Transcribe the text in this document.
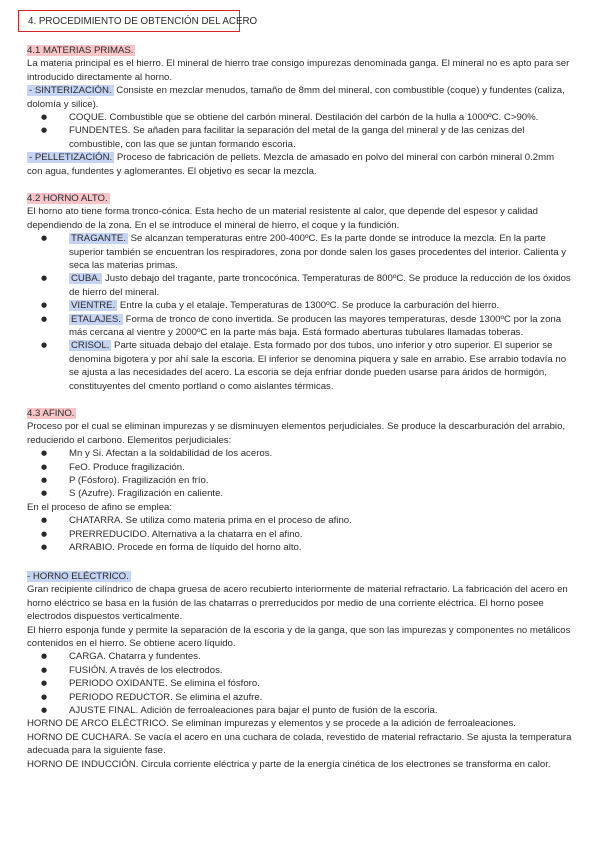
4. PROCEDIMIENTO DE OBTENCIÓN DEL ACERO

4.1 MATERIAS PRIMAS.

La materia principal es el hierro. El mineral de hierro trae consigo impurezas denominada ganga. El mineral no es apto para ser introducido directamente al horno.

- SINTERIZACIÓN. Consiste en mezclar menudos, tamaño de 8mm del mineral, con combustible (coque) y fundentes (caliza, dolomía y silice).

● COQUE. Combustible que se obtiene del carbón mineral. Destilación del carbón de la hulla a 1000ºC. C>90%.
● FUNDENTES. Se añaden para facilitar la separación del metal de la ganga del mineral y de las cenizas del combustible, con las que se juntan formando escoria.

- PELLETIZACIÓN. Proceso de fabricación de pellets. Mezcla de amasado en polvo del mineral con carbón mineral 0.2mm con agua, fundentes y aglomerantes. El objetivo es secar la mezcla.

4.2 HORNO ALTO.

El horno ato tiene forma tronco-cónica. Esta hecho de un material resistente al calor, que depende del espesor y calidad dependiendo de la zona. En el se introduce el mineral de hierro, el coque y la fundición.

● TRAGANTE. Se alcanzan temperaturas entre 200-400ºC. Es la parte donde se introduce la mezcla. En la parte superior también se encuentran los respiradores, zona por donde salen los gases procedentes del interior. Calienta y seca las materias primas.
● CUBA. Justo debajo del tragante, parte troncocónica. Temperaturas de 800ºC. Se produce la reducción de los óxidos de hierro del mineral.
● VIENTRE. Entre la cuba y el etalaje. Temperaturas de 1300ºC. Se produce la carburación del hierro.
● ETALAJES. Forma de tronco de cono invertida. Se producen las mayores temperaturas, desde 1300ºC por la zona más cercana al vientre y 2000ºC en la parte más baja. Está formado aberturas tubulares llamadas toberas.
● CRISOL. Parte situada debajo del etalaje. Esta formado por dos tubos, uno inferior y otro superior. El superior se denomina bigotera y por ahí sale la escoria. El inferior se denomina piquera y sale en arrabio. Ese arrabio todavía no se ajusta a las necesidades del acero. La escoria se deja enfriar donde pueden usarse para áridos de hormigón, constituyentes del cmento portland o como aislantes térmicas.

4.3 AFINO.

Proceso por el cual se eliminan impurezas y se disminuyen elementos perjudiciales. Se produce la descarburación del arrabio, reduciendo el carbono. Elementos perjudiciales:

● Mn y Si. Afectan a la soldabilidad de los aceros.
● FeO. Produce fragilización.
● P (Fósforo). Fragilización en frío.
● S (Azufre). Fragilización en caliente.

En el proceso de afino se emplea:

● CHATARRA. Se utiliza como materia prima en el proceso de afino.
● PRERREDUCIDO. Alternativa a la chatarra en el afino.
● ARRABIO. Procede en forma de líquido del horno alto.

- HORNO ELÉCTRICO.

Gran recipiente cilíndrico de chapa gruesa de acero recubierto interiormente de material refractario. La fabricación del acero en horno eléctrico se basa en la fusión de las chatarras o prerreducidos por medio de una corriente eléctrica. El horno posee electrodos dispuestos verticalmente.

El hierro esponja funde y permite la separación de la escoria y de la ganga, que son las impurezas y componentes no metálicos contenidos en el hierro. Se obtiene acero líquido.

● CARGA. Chatarra y fundentes.
● FUSIÓN. A través de los electrodos.
● PERIODO OXIDANTE. Se elimina el fósforo.
● PERIODO REDUCTOR. Se elimina el azufre.
● AJUSTE FINAL. Adición de ferroaleaciones para bajar el punto de fusión de la escoria.

HORNO DE ARCO ELÉCTRICO. Se eliminan impurezas y elementos y se procede a la adición de ferroaleaciones.

HORNO DE CUCHARA. Se vacía el acero en una cuchara de colada, revestido de material refractario. Se ajusta la temperatura adecuada para la siguiente fase.

HORNO DE INDUCCIÓN. Circula corriente eléctrica y parte de la energía cinética de los electrones se transforma en calor.
